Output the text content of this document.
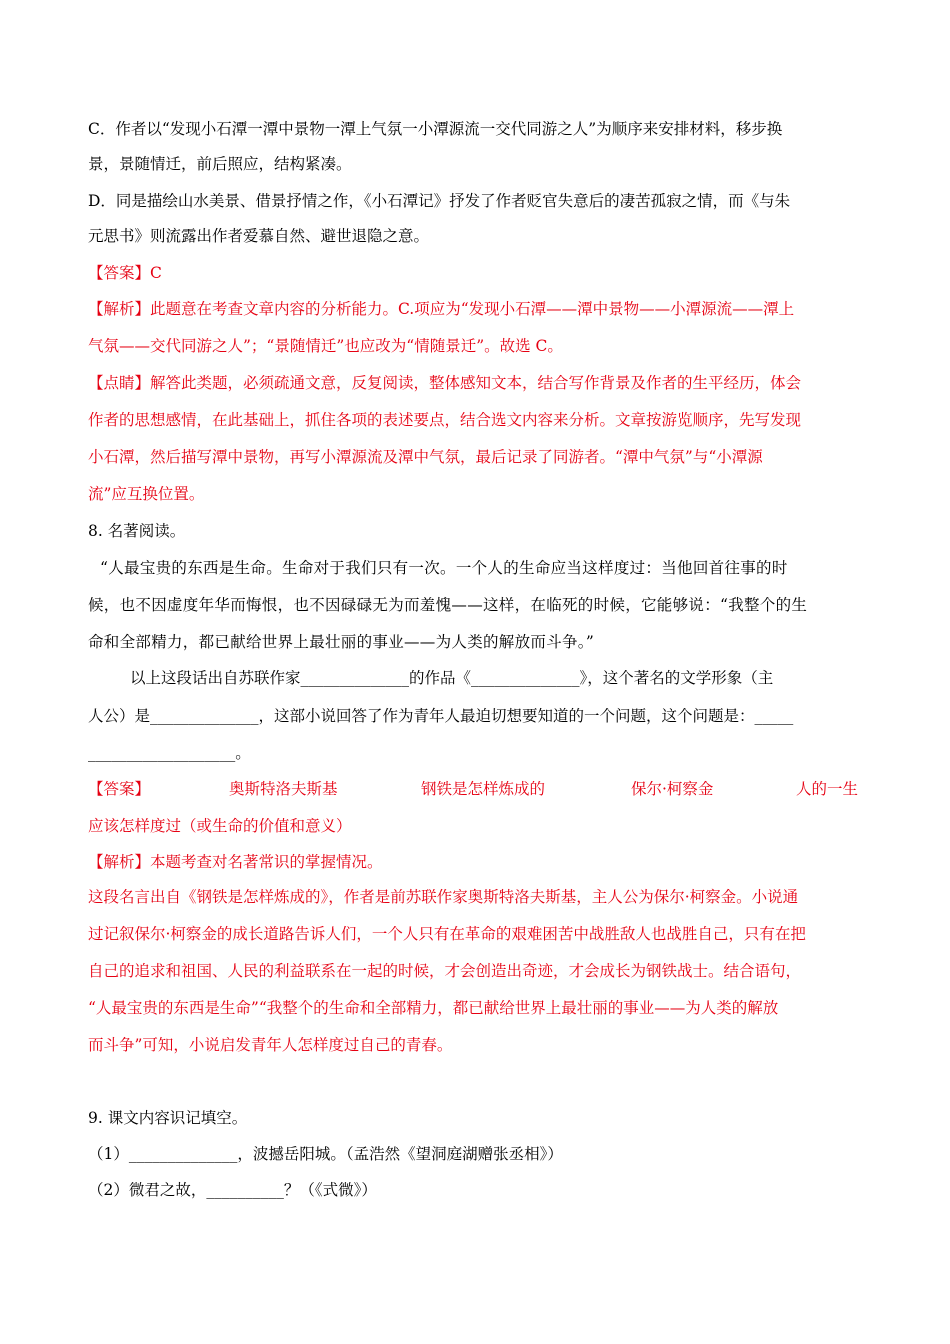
C．作者以“发现小石潭一潭中景物一潭上气氛一小潭源流一交代同游之人”为顺序来安排材料，移步换
景，景随情迁，前后照应，结构紧凑。
D．同是描绘山水美景、借景抒情之作，《小石潭记》抒发了作者贬官失意后的凄苦孤寂之情，而《与朱
元思书》则流露出作者爱慕自然、避世退隐之意。
【答案】C
【解析】此题意在考查文章内容的分析能力。C.项应为“发现小石潭——潭中景物——小潭源流——潭上
气氛——交代同游之人”；“景随情迁”也应改为“情随景迁”。故选 C。
【点睛】解答此类题，必须疏通文意，反复阅读，整体感知文本，结合写作背景及作者的生平经历，体会
作者的思想感情，在此基础上，抓住各项的表述要点，结合选文内容来分析。文章按游览顺序，先写发现
小石潭，然后描写潭中景物，再写小潭源流及潭中气氛，最后记录了同游者。“潭中气氛”与“小潭源
流”应互换位置。
8. 名著阅读。
“人最宝贵的东西是生命。生命对于我们只有一次。一个人的生命应当这样度过：当他回首往事的时
候，也不因虚度年华而悔恨，也不因碌碌无为而羞愧——这样，在临死的时候，它能够说：“我整个的生
命和全部精力，都已献给世界上最壮丽的事业——为人类的解放而斗争。”
以上这段话出自苏联作家______________的作品《______________》，这个著名的文学形象（主
人公）是______________，这部小说回答了作为青年人最迫切想要知道的一个问题，这个问题是：_____
___________________。
【答案】	奥斯特洛夫斯基	钢铁是怎样炼成的	保尔·柯察金	人的一生
应该怎样度过（或生命的价值和意义）
【解析】本题考查对名著常识的掌握情况。
这段名言出自《钢铁是怎样炼成的》，作者是前苏联作家奥斯特洛夫斯基，主人公为保尔·柯察金。小说通
过记叙保尔·柯察金的成长道路告诉人们，一个人只有在革命的艰难困苦中战胜敌人也战胜自己，只有在把
自己的追求和祖国、人民的利益联系在一起的时候，才会创造出奇迹，才会成长为钢铁战士。结合语句，
“人最宝贵的东西是生命”“我整个的生命和全部精力，都已献给世界上最壮丽的事业——为人类的解放
而斗争”可知，小说启发青年人怎样度过自己的青春。
9. 课文内容识记填空。
（1）______________，波撼岳阳城。（孟浩然《望洞庭湖赠张丞相》）
（2）微君之故，__________？（《式微》）
